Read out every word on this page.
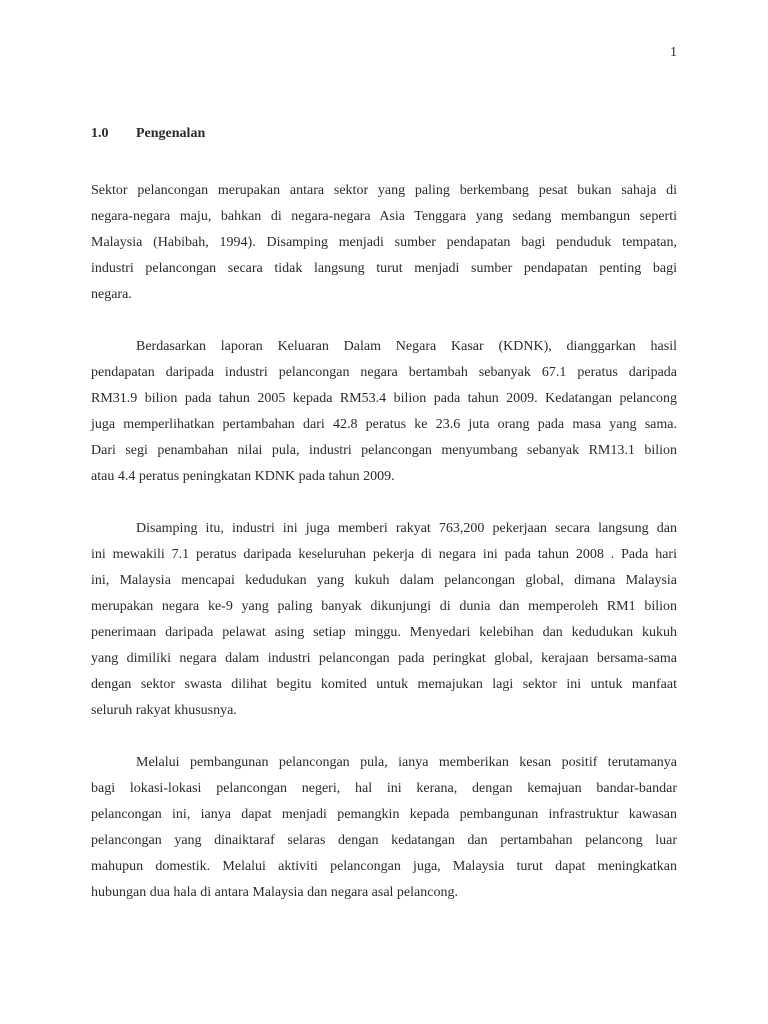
1
1.0	Pengenalan
Sektor pelancongan merupakan antara sektor yang paling berkembang pesat bukan sahaja di
negara-negara maju, bahkan di negara-negara Asia Tenggara yang sedang membangun seperti
Malaysia (Habibah, 1994). Disamping menjadi sumber pendapatan bagi penduduk tempatan,
industri pelancongan secara tidak langsung turut menjadi sumber pendapatan penting bagi
negara.
Berdasarkan laporan Keluaran Dalam Negara Kasar (KDNK), dianggarkan hasil
pendapatan daripada industri pelancongan negara bertambah sebanyak 67.1 peratus daripada
RM31.9 bilion pada tahun 2005 kepada RM53.4 bilion pada tahun 2009. Kedatangan pelancong
juga memperlihatkan pertambahan dari 42.8 peratus ke 23.6 juta orang pada masa yang sama.
Dari segi penambahan nilai pula, industri pelancongan menyumbang sebanyak RM13.1 bilion
atau 4.4 peratus peningkatan KDNK pada tahun 2009.
Disamping itu, industri ini juga memberi rakyat 763,200 pekerjaan secara langsung dan
ini mewakili 7.1 peratus daripada keseluruhan pekerja di negara ini pada tahun 2008 . Pada hari
ini, Malaysia mencapai kedudukan yang kukuh dalam pelancongan global, dimana Malaysia
merupakan negara ke-9 yang paling banyak dikunjungi di dunia dan memperoleh RM1 bilion
penerimaan daripada pelawat asing setiap minggu. Menyedari kelebihan dan kedudukan kukuh
yang dimiliki negara dalam industri pelancongan pada peringkat global, kerajaan bersama-sama
dengan sektor swasta dilihat begitu komited untuk memajukan lagi sektor ini untuk manfaat
seluruh rakyat khususnya.
Melalui pembangunan pelancongan pula, ianya memberikan kesan positif terutamanya
bagi lokasi-lokasi pelancongan negeri, hal ini kerana, dengan kemajuan bandar-bandar
pelancongan ini, ianya dapat menjadi pemangkin kepada pembangunan infrastruktur kawasan
pelancongan yang dinaiktaraf selaras dengan kedatangan dan pertambahan pelancong luar
mahupun domestik. Melalui aktiviti pelancongan juga, Malaysia turut dapat meningkatkan
hubungan dua hala di antara Malaysia dan negara asal pelancong.
